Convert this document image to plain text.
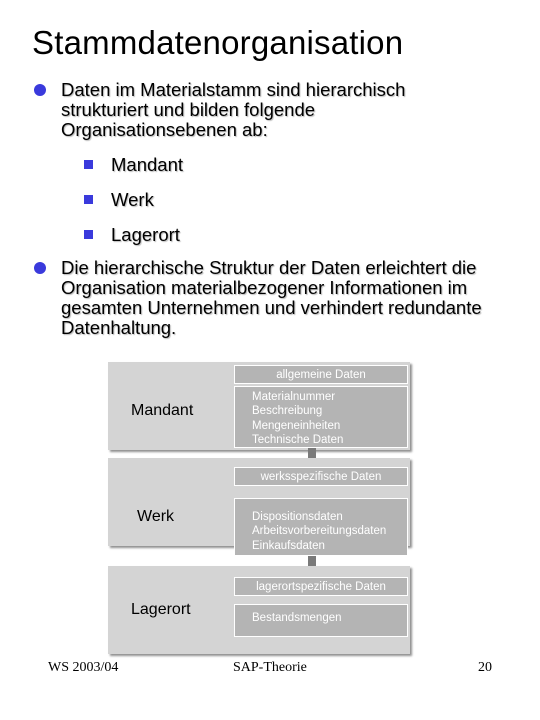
Stammdatenorganisation
Daten im Materialstamm sind hierarchisch
strukturiert und bilden folgende
Organisationsebenen ab:
Mandant
Werk
Lagerort
Die hierarchische Struktur der Daten erleichtert die
Organisation materialbezogener Informationen im
gesamten Unternehmen und verhindert redundante
Datenhaltung.
Mandant
allgemeine Daten
Materialnummer
Beschreibung
Mengeneinheiten
Technische Daten
Werk
werksspezifische Daten
Dispositionsdaten
Arbeitsvorbereitungsdaten
Einkaufsdaten
Lagerort
lagerortspezifische Daten
Bestandsmengen
WS 2003/04	SAP-Theorie	20
